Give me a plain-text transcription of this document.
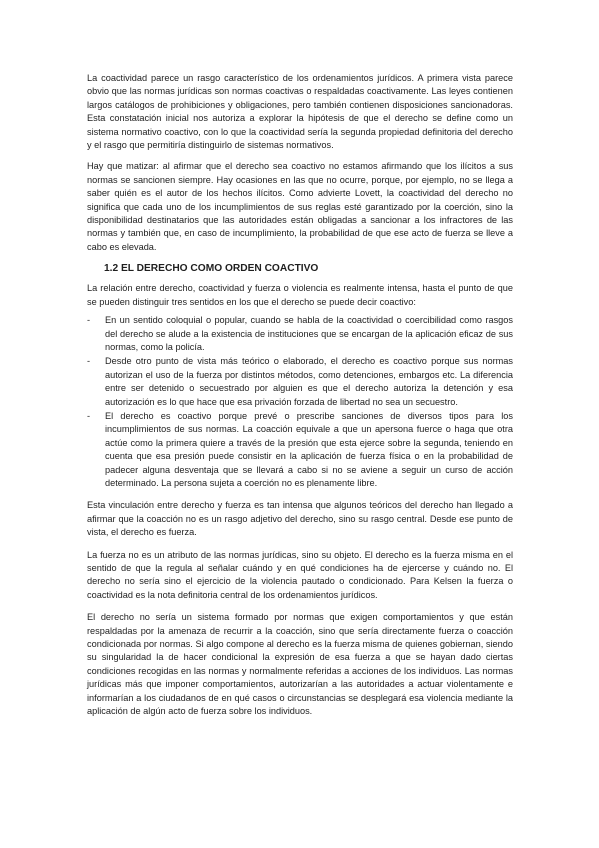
La coactividad parece un rasgo característico de los ordenamientos jurídicos. A primera vista parece obvio que las normas jurídicas son normas coactivas o respaldadas coactivamente. Las leyes contienen largos catálogos de prohibiciones y obligaciones, pero también contienen disposiciones sancionadoras. Esta constatación inicial nos autoriza a explorar la hipótesis de que el derecho se define como un sistema normativo coactivo, con lo que la coactividad sería la segunda propiedad definitoria del derecho y el rasgo que permitiría distinguirlo de sistemas normativos.

Hay que matizar: al afirmar que el derecho sea coactivo no estamos afirmando que los ilícitos a sus normas se sancionen siempre. Hay ocasiones en las que no ocurre, porque, por ejemplo, no se llega a saber quién es el autor de los hechos ilícitos. Como advierte Lovett, la coactividad del derecho no significa que cada uno de los incumplimientos de sus reglas esté garantizado por la coerción, sino la disponibilidad destinatarios que las autoridades están obligadas a sancionar a los infractores de las normas y también que, en caso de incumplimiento, la probabilidad de que ese acto de fuerza se lleve a cabo es elevada.

1.2 EL DERECHO COMO ORDEN COACTIVO

La relación entre derecho, coactividad y fuerza o violencia es realmente intensa, hasta el punto de que se pueden distinguir tres sentidos en los que el derecho se puede decir coactivo:

- En un sentido coloquial o popular, cuando se habla de la coactividad o coercibilidad como rasgos del derecho se alude a la existencia de instituciones que se encargan de la aplicación eficaz de sus normas, como la policía.
- Desde otro punto de vista más teórico o elaborado, el derecho es coactivo porque sus normas autorizan el uso de la fuerza por distintos métodos, como detenciones, embargos etc. La diferencia entre ser detenido o secuestrado por alguien es que el derecho autoriza la detención y esa autorización es lo que hace que esa privación forzada de libertad no sea un secuestro.
- El derecho es coactivo porque prevé o prescribe sanciones de diversos tipos para los incumplimientos de sus normas. La coacción equivale a que un apersona fuerce o haga que otra actúe como la primera quiere a través de la presión que esta ejerce sobre la segunda, teniendo en cuenta que esa presión puede consistir en la aplicación de fuerza física o en la probabilidad de padecer alguna desventaja que se llevará a cabo si no se aviene a seguir un curso de acción determinado. La persona sujeta a coerción no es plenamente libre.

Esta vinculación entre derecho y fuerza es tan intensa que algunos teóricos del derecho han llegado a afirmar que la coacción no es un rasgo adjetivo del derecho, sino su rasgo central. Desde ese punto de vista, el derecho es fuerza.

La fuerza no es un atributo de las normas jurídicas, sino su objeto. El derecho es la fuerza misma en el sentido de que la regula al señalar cuándo y en qué condiciones ha de ejercerse y cuándo no. El derecho no sería sino el ejercicio de la violencia pautado o condicionado. Para Kelsen la fuerza o coactividad es la nota definitoria central de los ordenamientos jurídicos.

El derecho no sería un sistema formado por normas que exigen comportamientos y que están respaldadas por la amenaza de recurrir a la coacción, sino que sería directamente fuerza o coacción condicionada por normas. Si algo compone al derecho es la fuerza misma de quienes gobiernan, siendo su singularidad la de hacer condicional la expresión de esa fuerza a que se hayan dado ciertas condiciones recogidas en las normas y normalmente referidas a acciones de los individuos. Las normas jurídicas más que imponer comportamientos, autorizarían a las autoridades a actuar violentamente e informarían a los ciudadanos de en qué casos o circunstancias se desplegará esa violencia mediante la aplicación de algún acto de fuerza sobre los individuos.
